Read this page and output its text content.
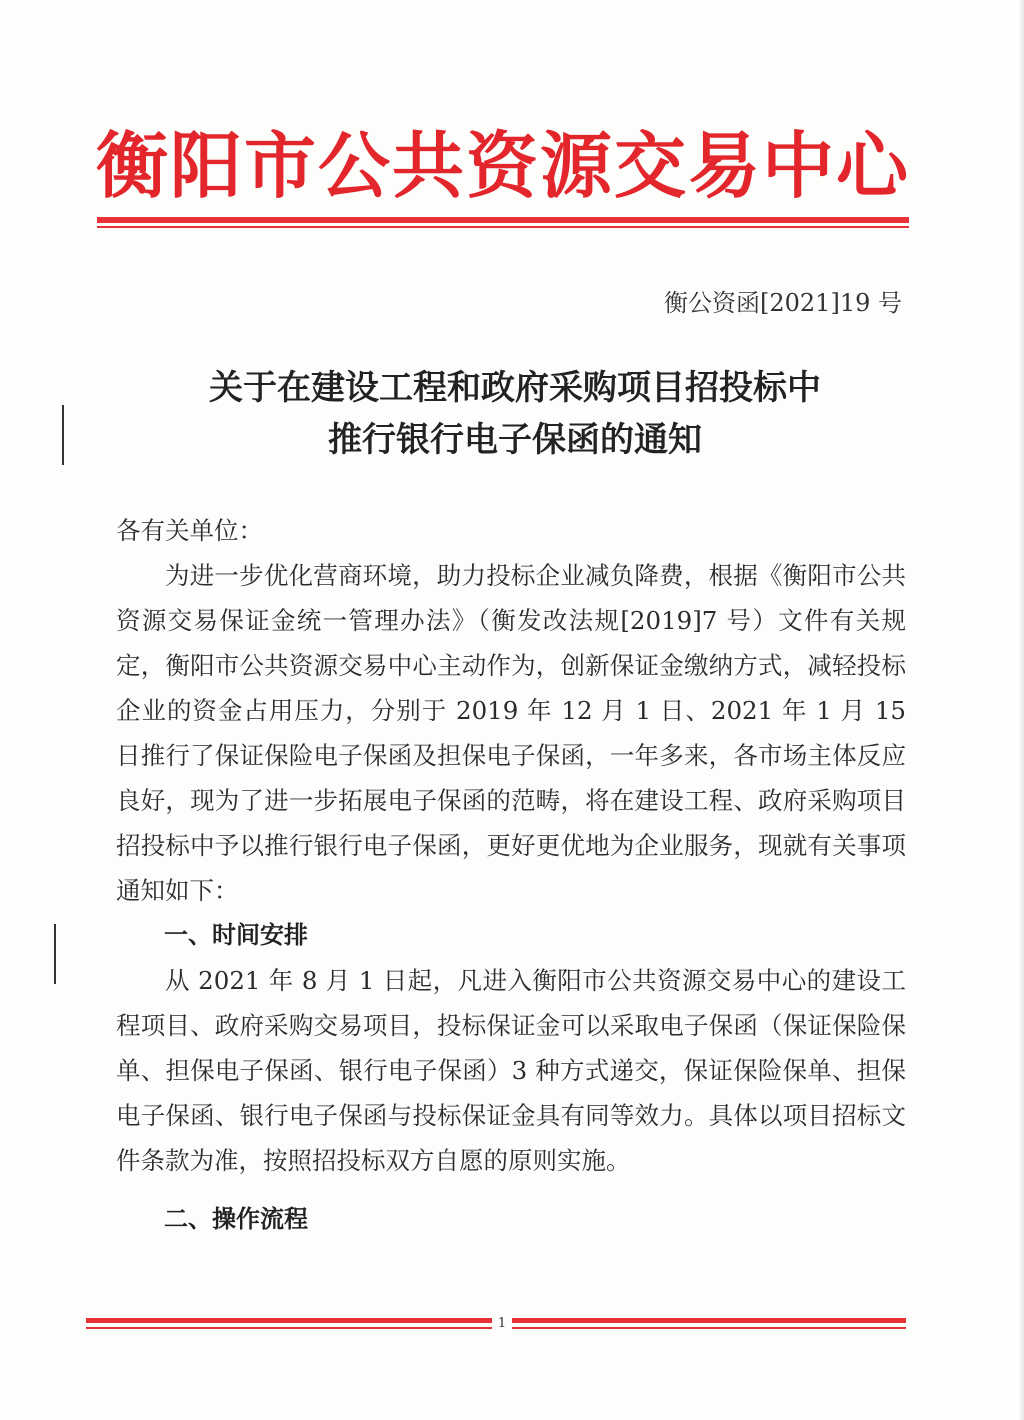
衡阳市公共资源交易中心
衡公资函[2021]19 号
关于在建设工程和政府采购项目招投标中
推行银行电子保函的通知

各有关单位：

为进一步优化营商环境，助力投标企业减负降费，根据《衡阳市公共资源交易保证金统一管理办法》（衡发改法规[2019]7 号）文件有关规定，衡阳市公共资源交易中心主动作为，创新保证金缴纳方式，减轻投标企业的资金占用压力，分别于 2019 年 12 月 1 日、2021 年 1 月 15 日推行了保证保险电子保函及担保电子保函，一年多来，各市场主体反应良好，现为了进一步拓展电子保函的范畴，将在建设工程、政府采购项目招投标中予以推行银行电子保函，更好更优地为企业服务，现就有关事项通知如下：

一、时间安排

从 2021 年 8 月 1 日起，凡进入衡阳市公共资源交易中心的建设工程项目、政府采购交易项目，投标保证金可以采取电子保函（保证保险保单、担保电子保函、银行电子保函）3 种方式递交，保证保险保单、担保电子保函、银行电子保函与投标保证金具有同等效力。具体以项目招标文件条款为准，按照招投标双方自愿的原则实施。

二、操作流程

1
